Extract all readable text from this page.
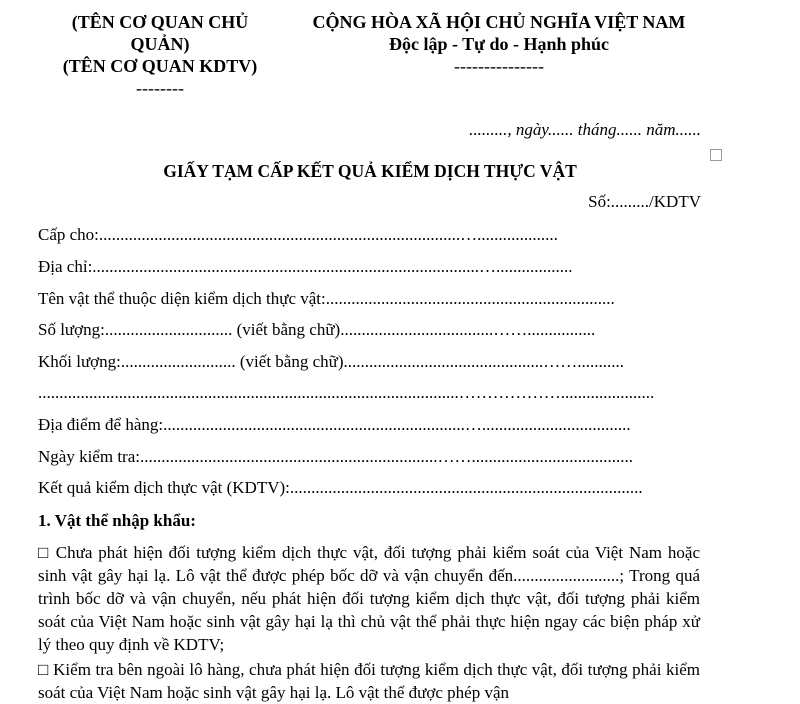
(TÊN CƠ QUAN CHỦ
QUẢN)
(TÊN CƠ QUAN KDTV)
--------
CỘNG HÒA XÃ HỘI CHỦ NGHĨA VIỆT NAM
Độc lập - Tự do - Hạnh phúc
---------------
........., ngày...... tháng...... năm......
GIẤY TẠM CẤP KẾT QUẢ KIỂM DỊCH THỰC VẬT
Số:........./KDTV
Cấp cho:.....................................................................................…...................
Địa chỉ:...........................................................................................…..................
Tên vật thể thuộc diện kiểm dịch thực vật:....................................................................
Số lượng:.............................. (viết bằng chữ)....................................……................
Khối lượng:........................... (viết bằng chữ)...............................................……...........
...................................................................................................………………......................
Địa điểm để hàng:.......................................................................…...................................
Ngày kiểm tra:......................................................................……......................................
Kết quả kiểm dịch thực vật (KDTV):...................................................................................
1. Vật thể nhập khẩu:
□ Chưa phát hiện đối tượng kiểm dịch thực vật, đối tượng phải kiểm soát của Việt Nam hoặc sinh vật gây hại lạ. Lô vật thể được phép bốc dỡ và vận chuyển đến.........................; Trong quá trình bốc dỡ và vận chuyển, nếu phát hiện đối tượng kiểm dịch thực vật, đối tượng phải kiểm soát của Việt Nam hoặc sinh vật gây hại lạ thì chủ vật thể phải thực hiện ngay các biện pháp xử lý theo quy định về KDTV;
□ Kiểm tra bên ngoài lô hàng, chưa phát hiện đối tượng kiểm dịch thực vật, đối tượng phải kiểm soát của Việt Nam hoặc sinh vật gây hại lạ. Lô vật thể được phép vận
